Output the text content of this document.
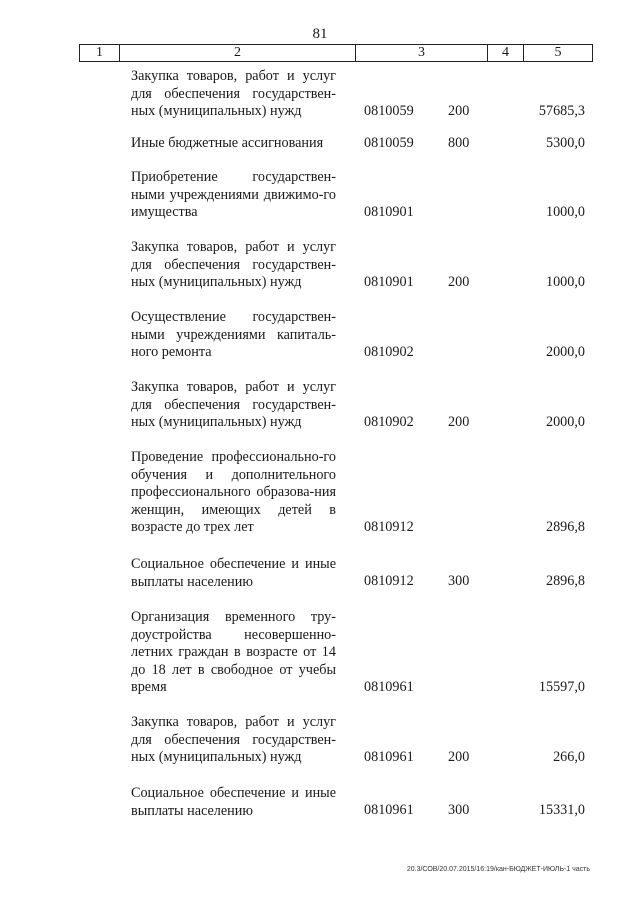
81
1	2	3	4	5
Закупка товаров, работ и услуг для обеспечения государствен-ных (муниципальных) нужд	0810059 200	57685,3
Иные бюджетные ассигнования	0810059 800	5300,0
Приобретение государствен-ными учреждениями движимо-го имущества	0810901	1000,0
Закупка товаров, работ и услуг для обеспечения государствен-ных (муниципальных) нужд	0810901 200	1000,0
Осуществление государствен-ными учреждениями капиталь-ного ремонта	0810902	2000,0
Закупка товаров, работ и услуг для обеспечения государствен-ных (муниципальных) нужд	0810902 200	2000,0
Проведение профессионально-го обучения и дополнительного профессионального образова-ния женщин, имеющих детей в возрасте до трех лет	0810912	2896,8
Социальное обеспечение и иные выплаты населению	0810912 300	2896,8
Организация временного тру-доустройства несовершенно-летних граждан в возрасте от 14 до 18 лет в свободное от учебы время	0810961	15597,0
Закупка товаров, работ и услуг для обеспечения государствен-ных (муниципальных) нужд	0810961 200	266,0
Социальное обеспечение и иные выплаты населению	0810961 300	15331,0
20.3/СОВ/20.07.2015/16:19/кан-БЮДЖЕТ-ИЮЛЬ-1 часть
